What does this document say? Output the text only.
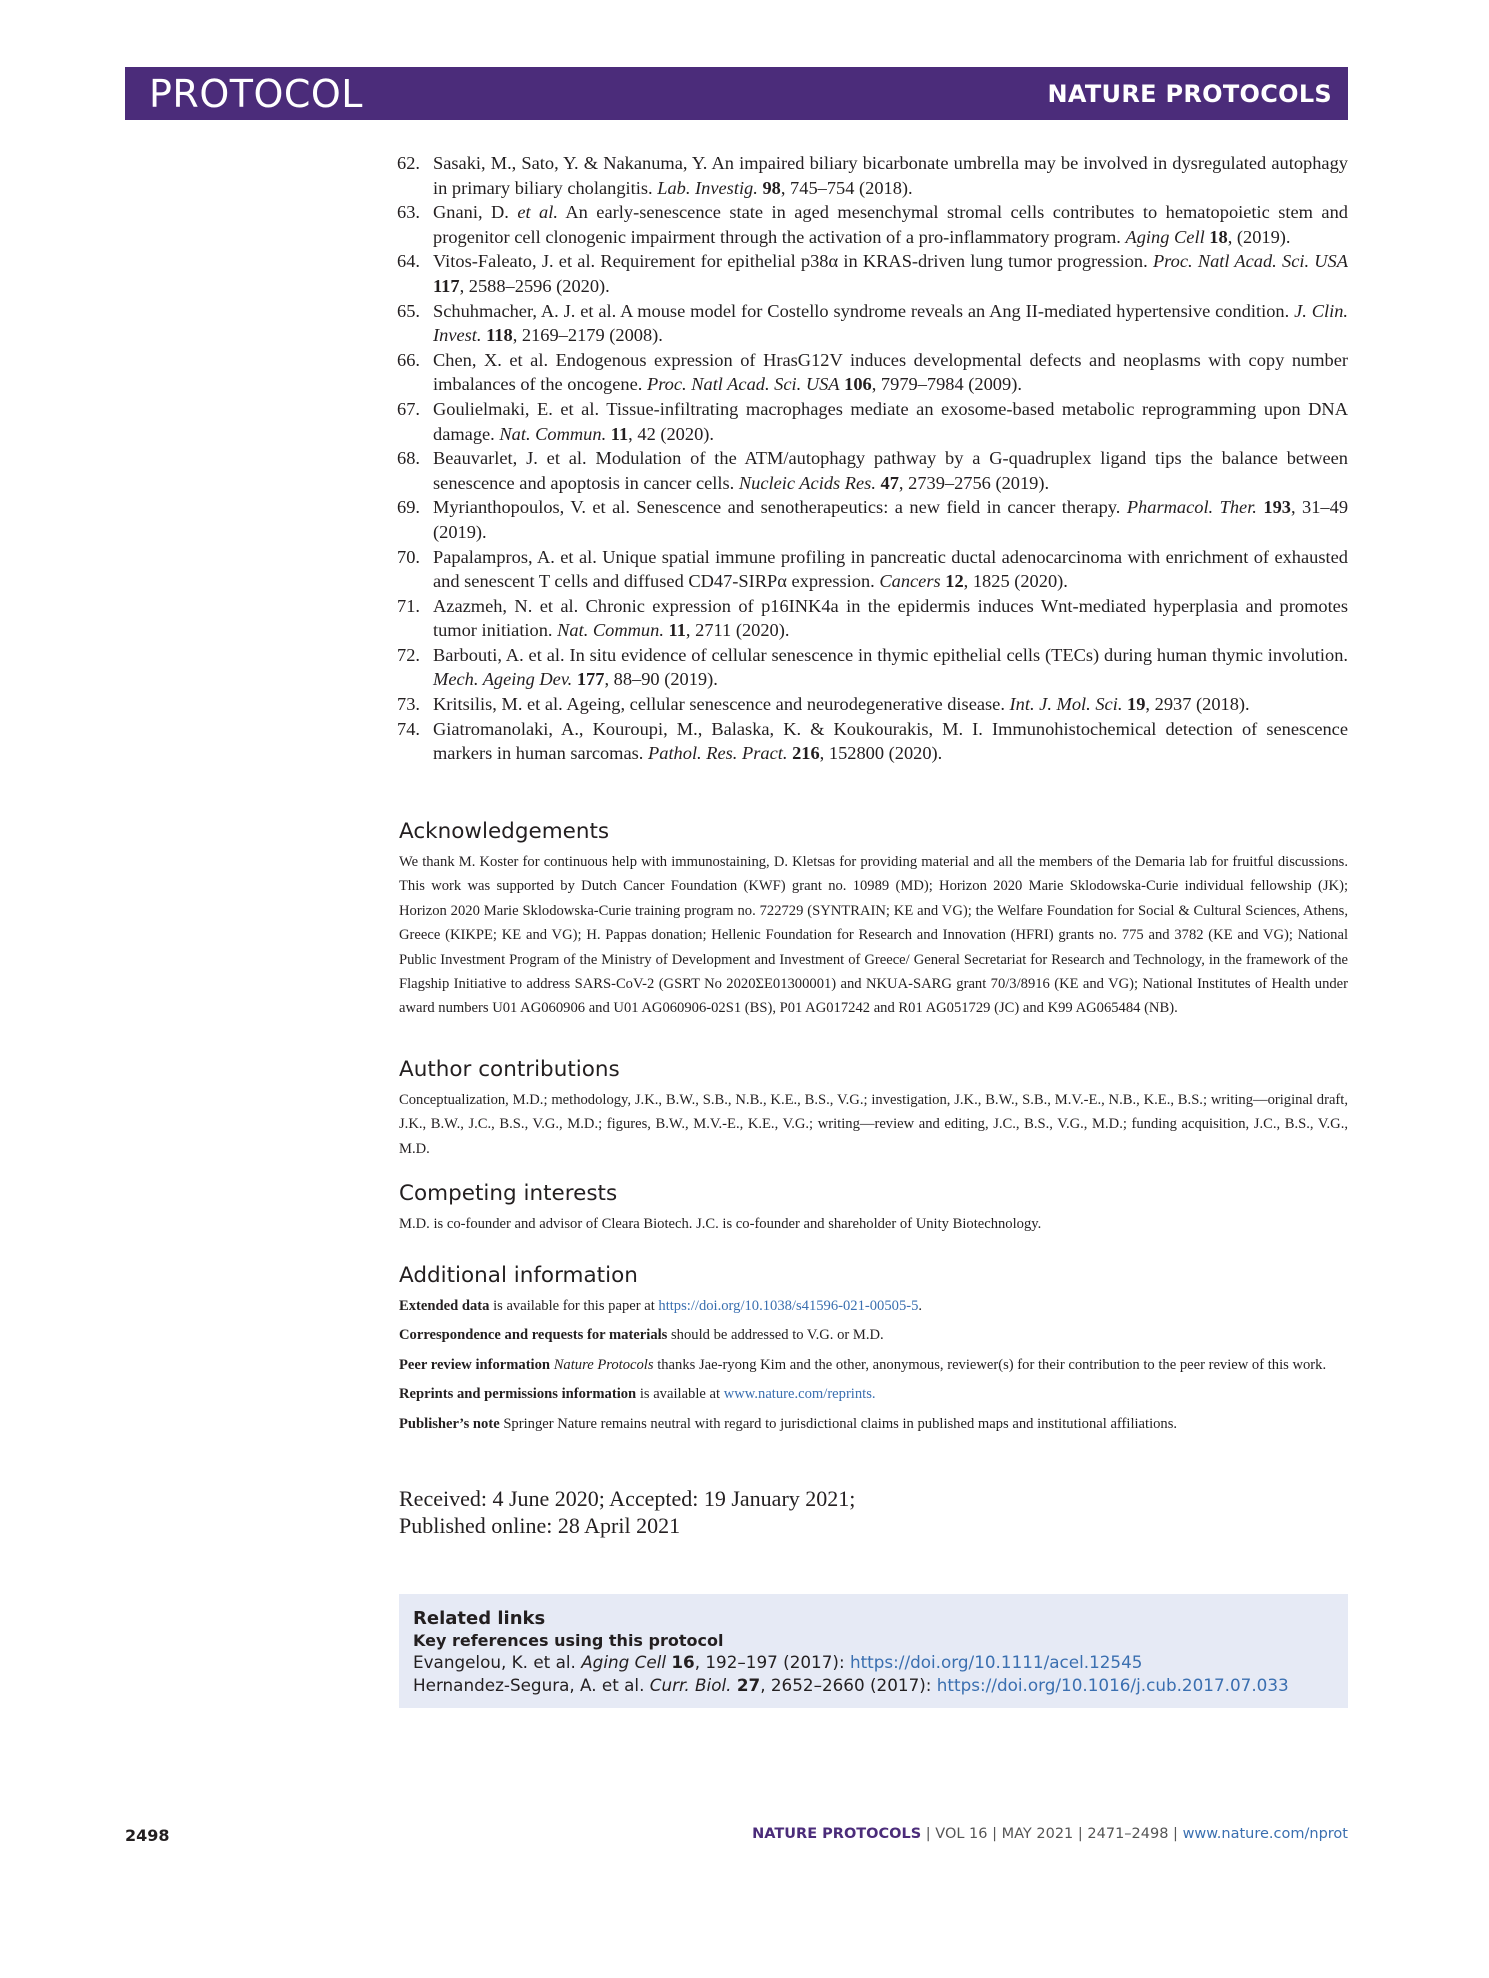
PROTOCOL	NATURE PROTOCOLS
62. Sasaki, M., Sato, Y. & Nakanuma, Y. An impaired biliary bicarbonate umbrella may be involved in dysregulated autophagy in primary biliary cholangitis. Lab. Investig. 98, 745–754 (2018).
63. Gnani, D. et al. An early-senescence state in aged mesenchymal stromal cells contributes to hematopoietic stem and progenitor cell clonogenic impairment through the activation of a pro-inflammatory program. Aging Cell 18, (2019).
64. Vitos-Faleato, J. et al. Requirement for epithelial p38α in KRAS-driven lung tumor progression. Proc. Natl Acad. Sci. USA 117, 2588–2596 (2020).
65. Schuhmacher, A. J. et al. A mouse model for Costello syndrome reveals an Ang II-mediated hypertensive condition. J. Clin. Invest. 118, 2169–2179 (2008).
66. Chen, X. et al. Endogenous expression of HrasG12V induces developmental defects and neoplasms with copy number imbalances of the oncogene. Proc. Natl Acad. Sci. USA 106, 7979–7984 (2009).
67. Goulielmaki, E. et al. Tissue-infiltrating macrophages mediate an exosome-based metabolic reprogramming upon DNA damage. Nat. Commun. 11, 42 (2020).
68. Beauvarlet, J. et al. Modulation of the ATM/autophagy pathway by a G-quadruplex ligand tips the balance between senescence and apoptosis in cancer cells. Nucleic Acids Res. 47, 2739–2756 (2019).
69. Myrianthopoulos, V. et al. Senescence and senotherapeutics: a new field in cancer therapy. Pharmacol. Ther. 193, 31–49 (2019).
70. Papalampros, A. et al. Unique spatial immune profiling in pancreatic ductal adenocarcinoma with enrichment of exhausted and senescent T cells and diffused CD47-SIRPα expression. Cancers 12, 1825 (2020).
71. Azazmeh, N. et al. Chronic expression of p16INK4a in the epidermis induces Wnt-mediated hyperplasia and promotes tumor initiation. Nat. Commun. 11, 2711 (2020).
72. Barbouti, A. et al. In situ evidence of cellular senescence in thymic epithelial cells (TECs) during human thymic involution. Mech. Ageing Dev. 177, 88–90 (2019).
73. Kritsilis, M. et al. Ageing, cellular senescence and neurodegenerative disease. Int. J. Mol. Sci. 19, 2937 (2018).
74. Giatromanolaki, A., Kouroupi, M., Balaska, K. & Koukourakis, M. I. Immunohistochemical detection of senescence markers in human sarcomas. Pathol. Res. Pract. 216, 152800 (2020).
Acknowledgements
We thank M. Koster for continuous help with immunostaining, D. Kletsas for providing material and all the members of the Demaria lab for fruitful discussions. This work was supported by Dutch Cancer Foundation (KWF) grant no. 10989 (MD); Horizon 2020 Marie Sklodowska-Curie individual fellowship (JK); Horizon 2020 Marie Sklodowska-Curie training program no. 722729 (SYNTRAIN; KE and VG); the Welfare Foundation for Social & Cultural Sciences, Athens, Greece (KIKPE; KE and VG); H. Pappas donation; Hellenic Foundation for Research and Innovation (HFRI) grants no. 775 and 3782 (KE and VG); National Public Investment Program of the Ministry of Development and Investment of Greece/ General Secretariat for Research and Technology, in the framework of the Flagship Initiative to address SARS-CoV-2 (GSRT No 2020ΣE01300001) and NKUA-SARG grant 70/3/8916 (KE and VG); National Institutes of Health under award numbers U01 AG060906 and U01 AG060906-02S1 (BS), P01 AG017242 and R01 AG051729 (JC) and K99 AG065484 (NB).
Author contributions
Conceptualization, M.D.; methodology, J.K., B.W., S.B., N.B., K.E., B.S., V.G.; investigation, J.K., B.W., S.B., M.V.-E., N.B., K.E., B.S.; writing—original draft, J.K., B.W., J.C., B.S., V.G., M.D.; figures, B.W., M.V.-E., K.E., V.G.; writing—review and editing, J.C., B.S., V.G., M.D.; funding acquisition, J.C., B.S., V.G., M.D.
Competing interests
M.D. is co-founder and advisor of Cleara Biotech. J.C. is co-founder and shareholder of Unity Biotechnology.
Additional information
Extended data is available for this paper at https://doi.org/10.1038/s41596-021-00505-5.
Correspondence and requests for materials should be addressed to V.G. or M.D.
Peer review information Nature Protocols thanks Jae-ryong Kim and the other, anonymous, reviewer(s) for their contribution to the peer review of this work.
Reprints and permissions information is available at www.nature.com/reprints.
Publisher’s note Springer Nature remains neutral with regard to jurisdictional claims in published maps and institutional affiliations.
Received: 4 June 2020; Accepted: 19 January 2021;
Published online: 28 April 2021
Related links
Key references using this protocol
Evangelou, K. et al. Aging Cell 16, 192–197 (2017): https://doi.org/10.1111/acel.12545
Hernandez-Segura, A. et al. Curr. Biol. 27, 2652–2660 (2017): https://doi.org/10.1016/j.cub.2017.07.033
2498	NATURE PROTOCOLS | VOL 16 | MAY 2021 | 2471–2498 | www.nature.com/nprot
